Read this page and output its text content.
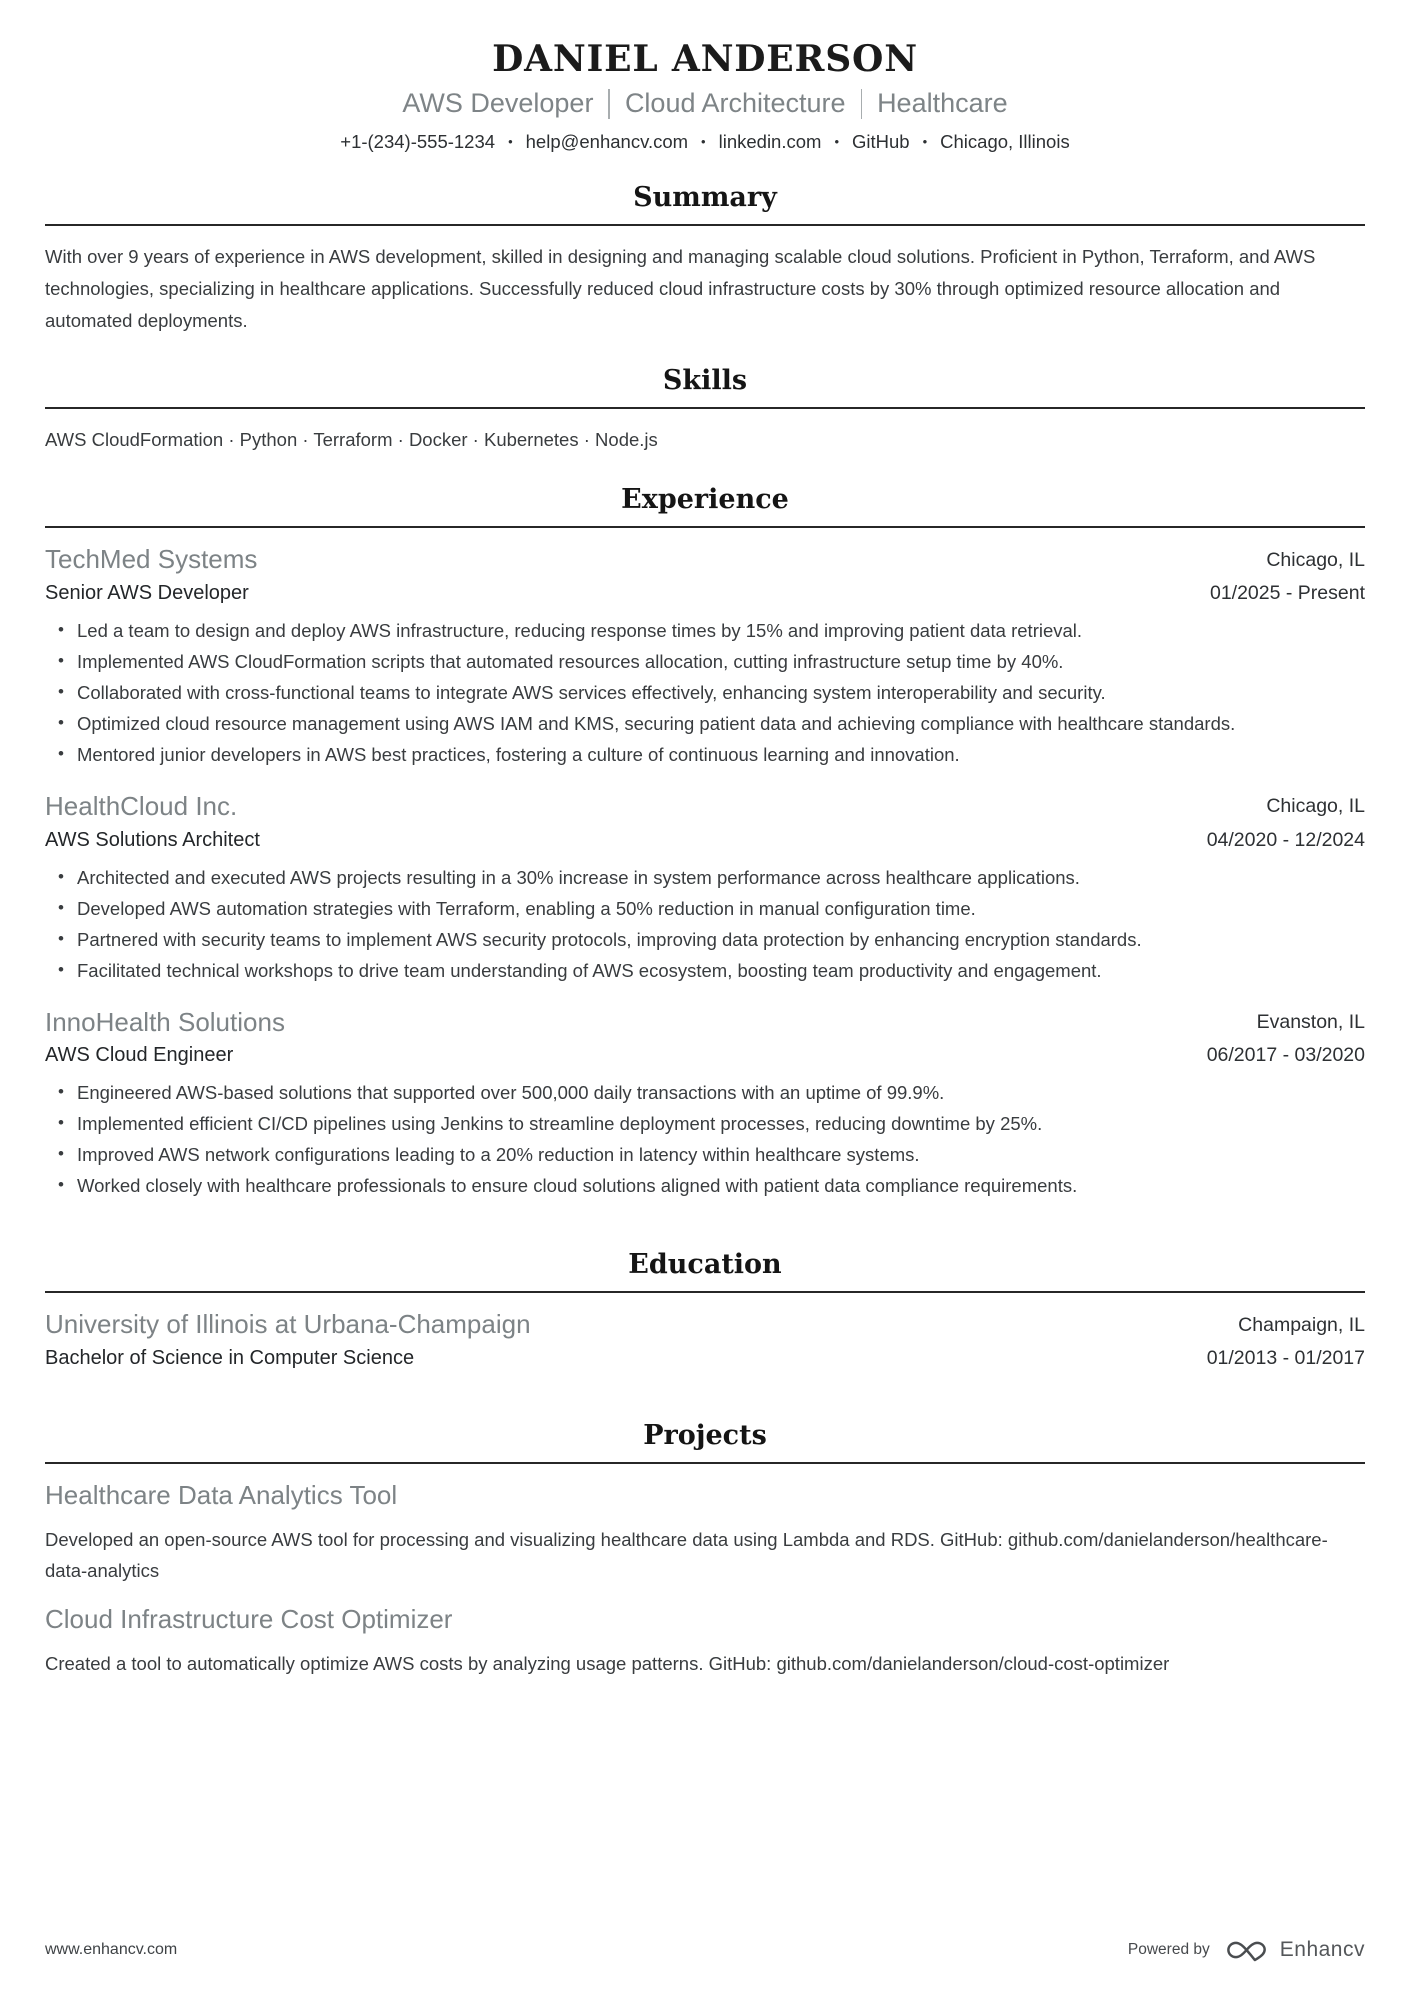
DANIEL ANDERSON
AWS Developer Cloud Architecture Healthcare
+1-(234)-555-1234 • help@enhancv.com • linkedin.com • GitHub • Chicago, Illinois
Summary

With over 9 years of experience in AWS development, skilled in designing and managing scalable cloud solutions. Proficient in Python, Terraform, and AWS technologies, specializing in healthcare applications. Successfully reduced cloud infrastructure costs by 30% through optimized resource allocation and automated deployments.

Skills

AWS CloudFormation · Python · Terraform · Docker · Kubernetes · Node.js

Experience
TechMed Systems	Chicago, IL
Senior AWS Developer	01/2025 - Present
• Led a team to design and deploy AWS infrastructure, reducing response times by 15% and improving patient data retrieval.
• Implemented AWS CloudFormation scripts that automated resources allocation, cutting infrastructure setup time by 40%.
• Collaborated with cross-functional teams to integrate AWS services effectively, enhancing system interoperability and security.
• Optimized cloud resource management using AWS IAM and KMS, securing patient data and achieving compliance with healthcare standards.
• Mentored junior developers in AWS best practices, fostering a culture of continuous learning and innovation.
HealthCloud Inc.	Chicago, IL
AWS Solutions Architect	04/2020 - 12/2024
• Architected and executed AWS projects resulting in a 30% increase in system performance across healthcare applications.
• Developed AWS automation strategies with Terraform, enabling a 50% reduction in manual configuration time.
• Partnered with security teams to implement AWS security protocols, improving data protection by enhancing encryption standards.
• Facilitated technical workshops to drive team understanding of AWS ecosystem, boosting team productivity and engagement.
InnoHealth Solutions	Evanston, IL
AWS Cloud Engineer	06/2017 - 03/2020
• Engineered AWS-based solutions that supported over 500,000 daily transactions with an uptime of 99.9%.
• Implemented efficient CI/CD pipelines using Jenkins to streamline deployment processes, reducing downtime by 25%.
• Improved AWS network configurations leading to a 20% reduction in latency within healthcare systems.
• Worked closely with healthcare professionals to ensure cloud solutions aligned with patient data compliance requirements.
Education
University of Illinois at Urbana-Champaign	Champaign, IL
Bachelor of Science in Computer Science	01/2013 - 01/2017
Projects
Healthcare Data Analytics Tool

Developed an open-source AWS tool for processing and visualizing healthcare data using Lambda and RDS. GitHub: github.com/danielanderson/healthcare-data-analytics

Cloud Infrastructure Cost Optimizer

Created a tool to automatically optimize AWS costs by analyzing usage patterns. GitHub: github.com/danielanderson/cloud-cost-optimizer

www.enhancv.com	Powered by	Enhancv
